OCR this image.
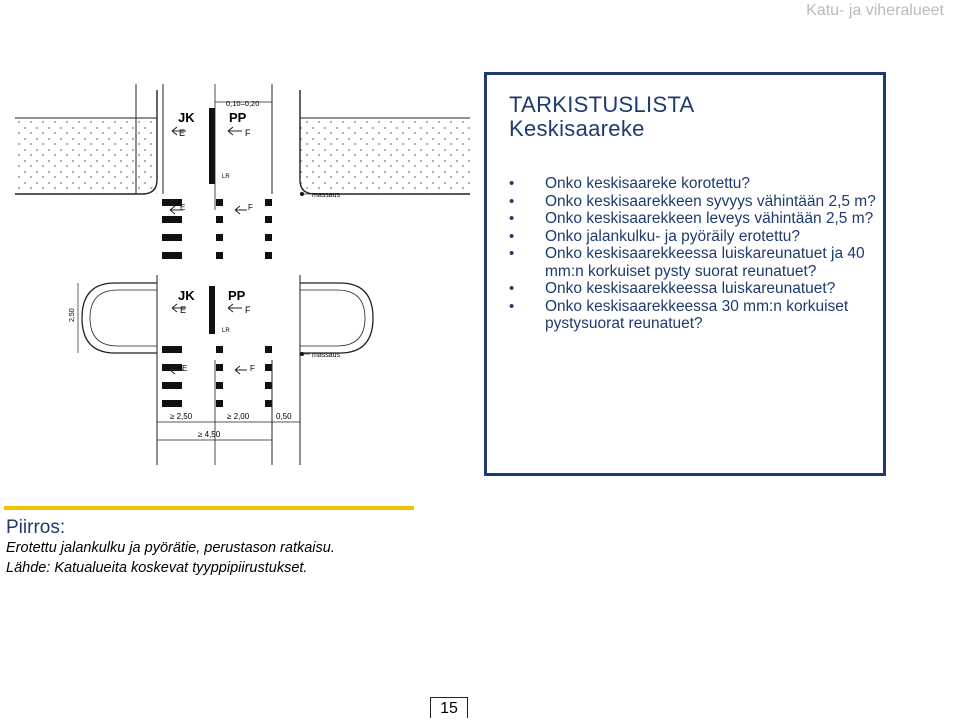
Katu- ja viheralueet
JK
E
PP
F
0,10–0,20
LR
E	F
massaus
2,50
JK
E
PP
F
LR
E	F
massaus
≥ 2,50	≥ 2,00	0,50
≥ 4,50
TARKISTUSLISTA
Keskisaareke
• Onko keskisaareke korotettu?
• Onko keskisaarekkeen syvyys vähintään 2,5 m?
• Onko keskisaarekkeen leveys vähintään 2,5 m?
• Onko jalankulku- ja pyöräily erotettu?
• Onko keskisaarekkeessa luiskareunatuet ja 40 mm:n korkuiset pysty suorat reunatuet?
• Onko keskisaarekkeessa luiskareunatuet?
• Onko keskisaarekkeessa 30 mm:n korkuiset pystysuorat reunatuet?
Piirros:
Erotettu jalankulku ja pyörätie, perustason ratkaisu.
Lähde: Katualueita koskevat tyyppipiirustukset.
15
